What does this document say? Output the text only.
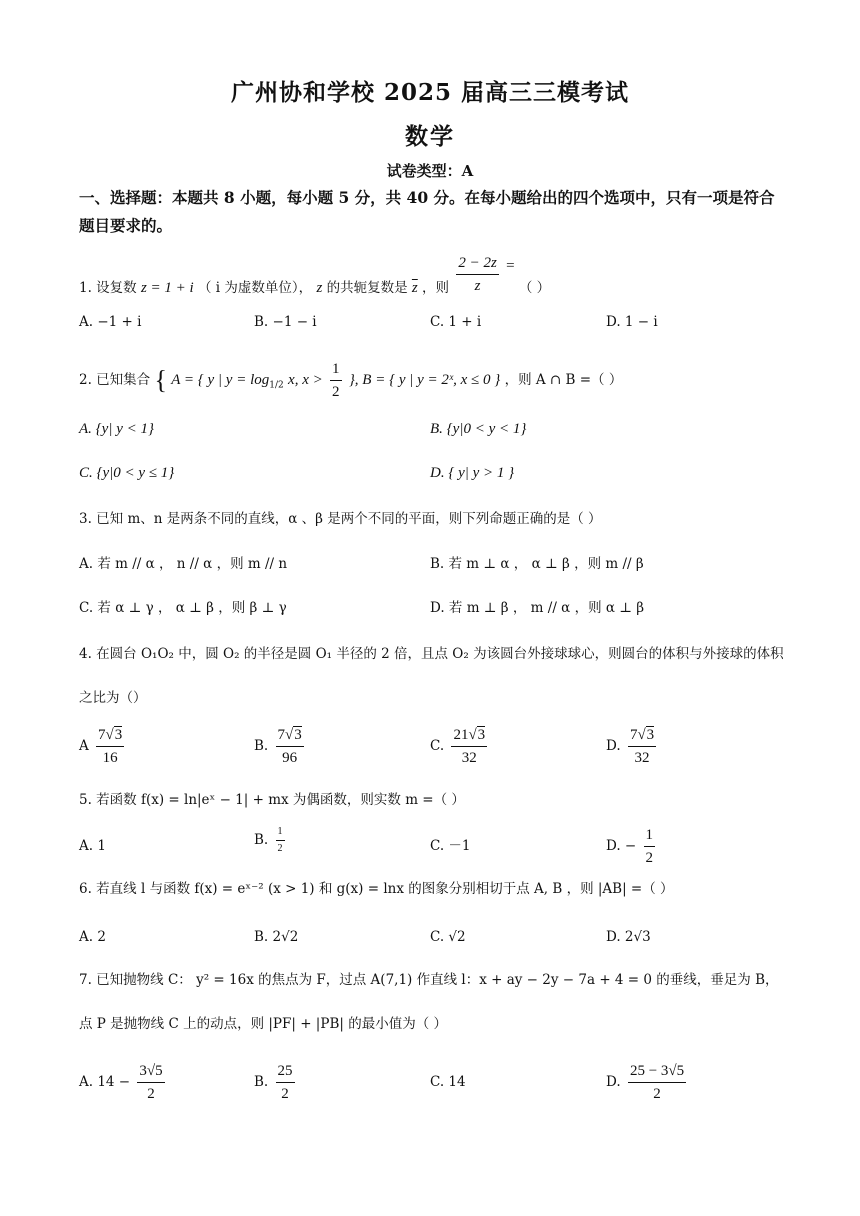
广州协和学校 2025 届高三三模考试
数学
试卷类型：A
一、选择题：本题共 8 小题，每小题 5 分，共 40 分。在每小题给出的四个选项中，只有一项是符合题目要求的。
1. 设复数 z = 1 + i （ i 为虚数单位）， z 的共轭复数是 $\overline{z}$ ，则 $\frac{2 - 2z}{z}$ = （ ）
A. −1 + i	B. −1 − i	C. 1 + i	D. 1 − i
2. 已知集合 { A = { y | $y = \log_{1/2} x$, $x > \frac{1}{2}$ }, B = { y | y = 2ˣ, x ≤ 0 } ，则 A ∩ B =（ ）
A. {y| y < 1}	B. {y|0 < y < 1}
C. {y|0 < y ≤ 1}	D. { y| y > 1 }
3. 已知 m、n 是两条不同的直线，α 、β 是两个不同的平面，则下列命题正确的是（ ）
A. 若 m // α ， n // α ，则 m // n	B. 若 m ⊥ α ， α ⊥ β ，则 m // β
C. 若 α ⊥ γ ， α ⊥ β ，则 β ⊥ γ	D. 若 m ⊥ β ， m // α ，则 α ⊥ β
4. 在圆台 O₁O₂ 中，圆 O₂ 的半径是圆 O₁ 半径的 2 倍，且点 O₂ 为该圆台外接球球心，则圆台的体积与外接球的体积之比为（）
A $\frac{7√3}{16}$	B. $\frac{7√3}{96}$	C. $\frac{21√3}{32}$	D. $\frac{7√3}{32}$
5. 若函数 f(x) = ln|eˣ − 1| + mx 为偶函数，则实数 m =（ ）
A. 1	B. $\frac{1}{2}$	C. －1	D. − $\frac{1}{2}$
6. 若直线 l 与函数 f(x) = eˣ⁻² (x > 1) 和 g(x) = lnx 的图象分别相切于点 A, B ，则 |AB| =（ ）
A. 2	B. 2√2	C. √2	D. 2√3
7. 已知抛物线 C： y² = 16x 的焦点为 F，过点 A(7,1) 作直线 l：x + ay − 2y − 7a + 4 = 0 的垂线，垂足为 B，点 P 是抛物线 C 上的动点，则 |PF| + |PB| 的最小值为（ ）
A. $14 - \frac{3√5}{2}$	B. $\frac{25}{2}$	C. 14	D. $\frac{25 - 3√5}{2}$
